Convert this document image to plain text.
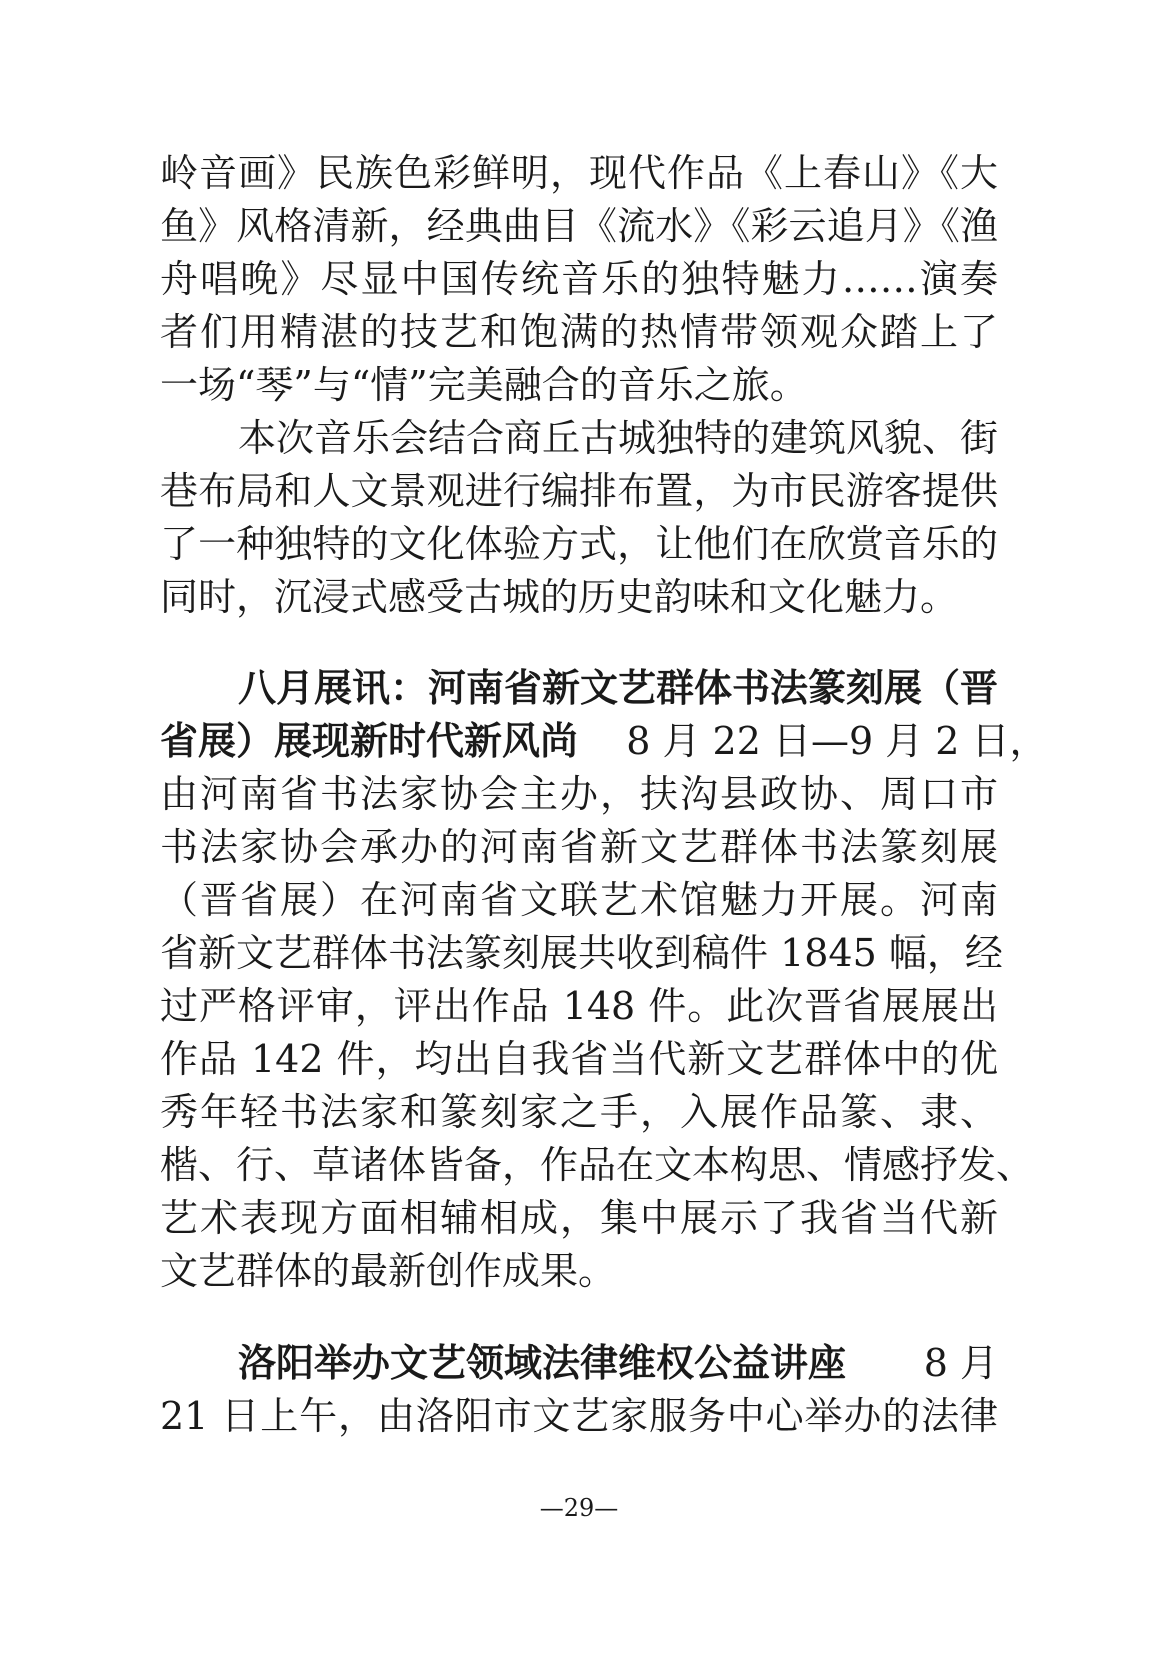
岭音画》民族色彩鲜明，现代作品《上春山》《大
鱼》风格清新，经典曲目《流水》《彩云追月》《渔
舟唱晚》尽显中国传统音乐的独特魅力……演奏
者们用精湛的技艺和饱满的热情带领观众踏上了
一场“琴”与“情”完美融合的音乐之旅。
本次音乐会结合商丘古城独特的建筑风貌、街
巷布局和人文景观进行编排布置，为市民游客提供
了一种独特的文化体验方式，让他们在欣赏音乐的
同时，沉浸式感受古城的历史韵味和文化魅力。
八月展讯：河南省新文艺群体书法篆刻展（晋
省展）展现新时代新风尚 8 月 22 日—9 月 2 日，
由河南省书法家协会主办，扶沟县政协、周口市
书法家协会承办的河南省新文艺群体书法篆刻展
（晋省展）在河南省文联艺术馆魅力开展。河南
省新文艺群体书法篆刻展共收到稿件 1845 幅，经
过严格评审，评出作品 148 件。此次晋省展展出
作品 142 件，均出自我省当代新文艺群体中的优
秀年轻书法家和篆刻家之手，入展作品篆、隶、
楷、行、草诸体皆备，作品在文本构思、情感抒发、
艺术表现方面相辅相成，集中展示了我省当代新
文艺群体的最新创作成果。
洛阳举办文艺领域法律维权公益讲座 8 月
21 日上午，由洛阳市文艺家服务中心举办的法律
—29—
